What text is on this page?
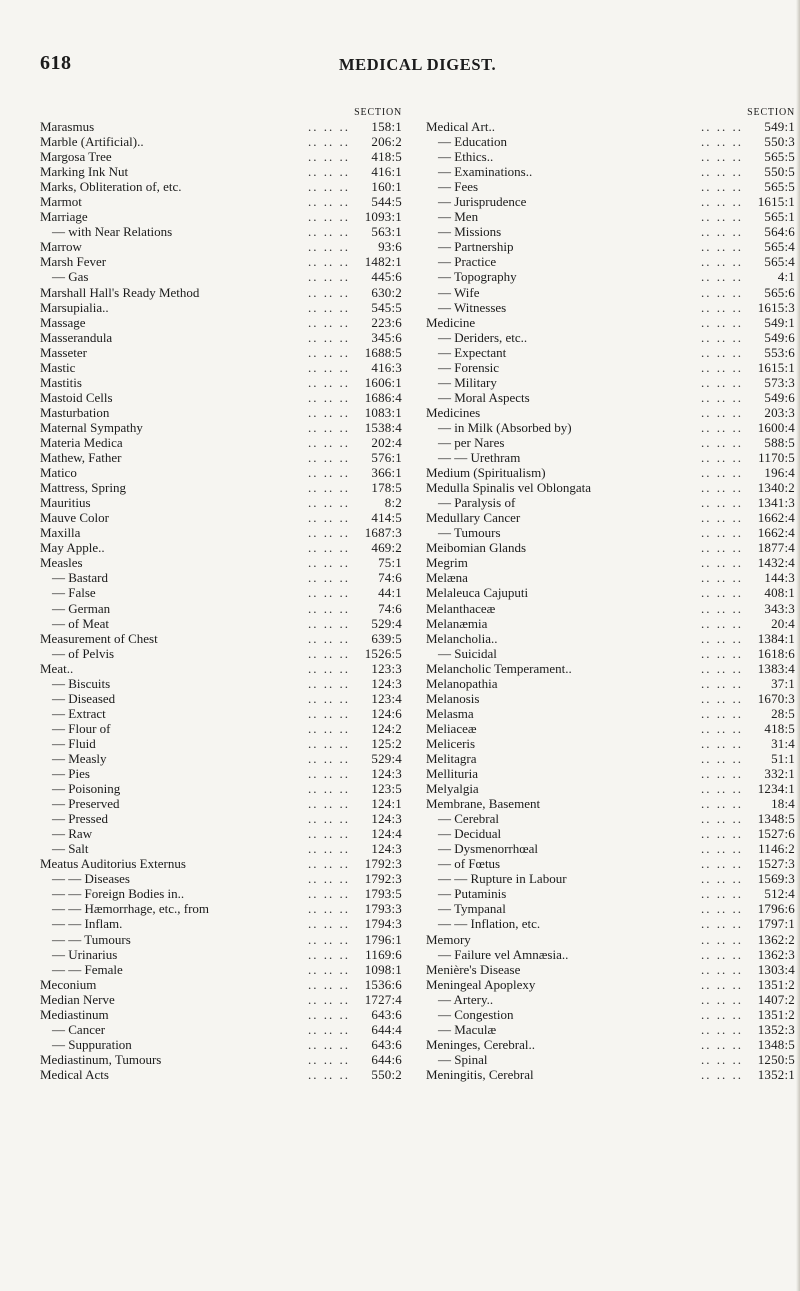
618	MEDICAL DIGEST.
SECTION
Marasmus	.. .. .. 158:1
Marble (Artificial)..	.. .. .. 206:2
Margosa Tree	.. .. .. 418:5
Marking Ink Nut	.. .. .. 416:1
Marks, Obliteration of, etc.	.. .. .. 160:1
Marmot	.. .. .. 544:5
Marriage	.. .. .. 1093:1
— with Near Relations	.. .. .. 563:1
Marrow	.. .. .. 93:6
Marsh Fever	.. .. .. 1482:1
— Gas	.. .. .. 445:6
Marshall Hall's Ready Method	.. .. .. 630:2
Marsupialia..	.. .. .. 545:5
Massage	.. .. .. 223:6
Masserandula	.. .. .. 345:6
Masseter	.. .. .. 1688:5
Mastic	.. .. .. 416:3
Mastitis	.. .. .. 1606:1
Mastoid Cells	.. .. .. 1686:4
Masturbation	.. .. .. 1083:1
Maternal Sympathy	.. .. .. 1538:4
Materia Medica	.. .. .. 202:4
Mathew, Father	.. .. .. 576:1
Matico	.. .. .. 366:1
Mattress, Spring	.. .. .. 178:5
Mauritius	.. .. ..	8:2
Mauve Color	.. .. .. 414:5
Maxilla	.. .. .. 1687:3
May Apple..	.. .. .. 469:2
Measles	.. .. .. 75:1
— Bastard	.. .. .. 74:6
— False	.. .. .. 44:1
— German	.. .. .. 74:6
— of Meat	.. .. .. 529:4
Measurement of Chest	.. .. .. 639:5
— of Pelvis	.. .. .. 1526:5
Meat..	.. .. .. 123:3
— Biscuits	.. .. .. 124:3
— Diseased	.. .. .. 123:4
— Extract	.. .. .. 124:6
— Flour of	.. .. .. 124:2
— Fluid	.. .. .. 125:2
— Measly	.. .. .. 529:4
— Pies	.. .. .. 124:3
— Poisoning	.. .. .. 123:5
— Preserved	.. .. .. 124:1
— Pressed	.. .. .. 124:3
— Raw	.. .. .. 124:4
— Salt	.. .. .. 124:3
Meatus Auditorius Externus	.. .. .. 1792:3
— — Diseases	.. .. .. 1792:3
— — Foreign Bodies in..	.. .. .. 1793:5
— — Hæmorrhage, etc., from	.. .. .. 1793:3
— — Inflam.	.. .. .. 1794:3
— — Tumours	.. .. .. 1796:1
— Urinarius	.. .. .. 1169:6
— — Female	.. .. .. 1098:1
Meconium	.. .. .. 1536:6
Median Nerve	.. .. .. 1727:4
Mediastinum	.. .. .. 643:6
— Cancer	.. .. .. 644:4
— Suppuration	.. .. .. 643:6
Mediastinum, Tumours	.. .. .. 644:6
Medical Acts	.. .. .. 550:2
SECTION
Medical Art..	.. .. .. 549:1
— Education	.. .. .. 550:3
— Ethics..	.. .. .. 565:5
— Examinations..	.. .. .. 550:5
— Fees	.. .. .. 565:5
— Jurisprudence	.. .. .. 1615:1
— Men	.. .. .. 565:1
— Missions	.. .. .. 564:6
— Partnership	.. .. .. 565:4
— Practice	.. .. .. 565:4
— Topography	.. .. ..	4:1
— Wife	.. .. .. 565:6
— Witnesses	.. .. .. 1615:3
Medicine	.. .. .. 549:1
— Deriders, etc..	.. .. .. 549:6
— Expectant	.. .. .. 553:6
— Forensic	.. .. .. 1615:1
— Military	.. .. .. 573:3
— Moral Aspects	.. .. .. 549:6
Medicines	.. .. .. 203:3
— in Milk (Absorbed by)	.. .. .. 1600:4
— per Nares	.. .. .. 588:5
— — Urethram	.. .. .. 1170:5
Medium (Spiritualism)	.. .. .. 196:4
Medulla Spinalis vel Oblongata	.. .. .. 1340:2
— Paralysis of	.. .. .. 1341:3
Medullary Cancer	.. .. .. 1662:4
— Tumours	.. .. .. 1662:4
Meibomian Glands	.. .. .. 1877:4
Megrim	.. .. .. 1432:4
Melæna	.. .. .. 144:3
Melaleuca Cajuputi	.. .. .. 408:1
Melanthaceæ	.. .. .. 343:3
Melanæmia	.. .. .. 20:4
Melancholia..	.. .. .. 1384:1
— Suicidal	.. .. .. 1618:6
Melancholic Temperament..	.. .. .. 1383:4
Melanopathia	.. .. .. 37:1
Melanosis	.. .. .. 1670:3
Melasma	.. .. .. 28:5
Meliaceæ	.. .. .. 418:5
Meliceris	.. .. .. 31:4
Melitagra	.. .. .. 51:1
Mellituria	.. .. .. 332:1
Melyalgia	.. .. .. 1234:1
Membrane, Basement	.. .. .. 18:4
— Cerebral	.. .. .. 1348:5
— Decidual	.. .. .. 1527:6
— Dysmenorrhœal	.. .. .. 1146:2
— of Fœtus	.. .. .. 1527:3
— — Rupture in Labour	.. .. .. 1569:3
— Putaminis	.. .. .. 512:4
— Tympanal	.. .. .. 1796:6
— — Inflation, etc.	.. .. .. 1797:1
Memory	.. .. .. 1362:2
— Failure vel Amnæsia..	.. .. .. 1362:3
Menière's Disease	.. .. .. 1303:4
Meningeal Apoplexy	.. .. .. 1351:2
— Artery..	.. .. .. 1407:2
— Congestion	.. .. .. 1351:2
— Maculæ	.. .. .. 1352:3
Meninges, Cerebral..	.. .. .. 1348:5
— Spinal	.. .. .. 1250:5
Meningitis, Cerebral	.. .. .. 1352:1
